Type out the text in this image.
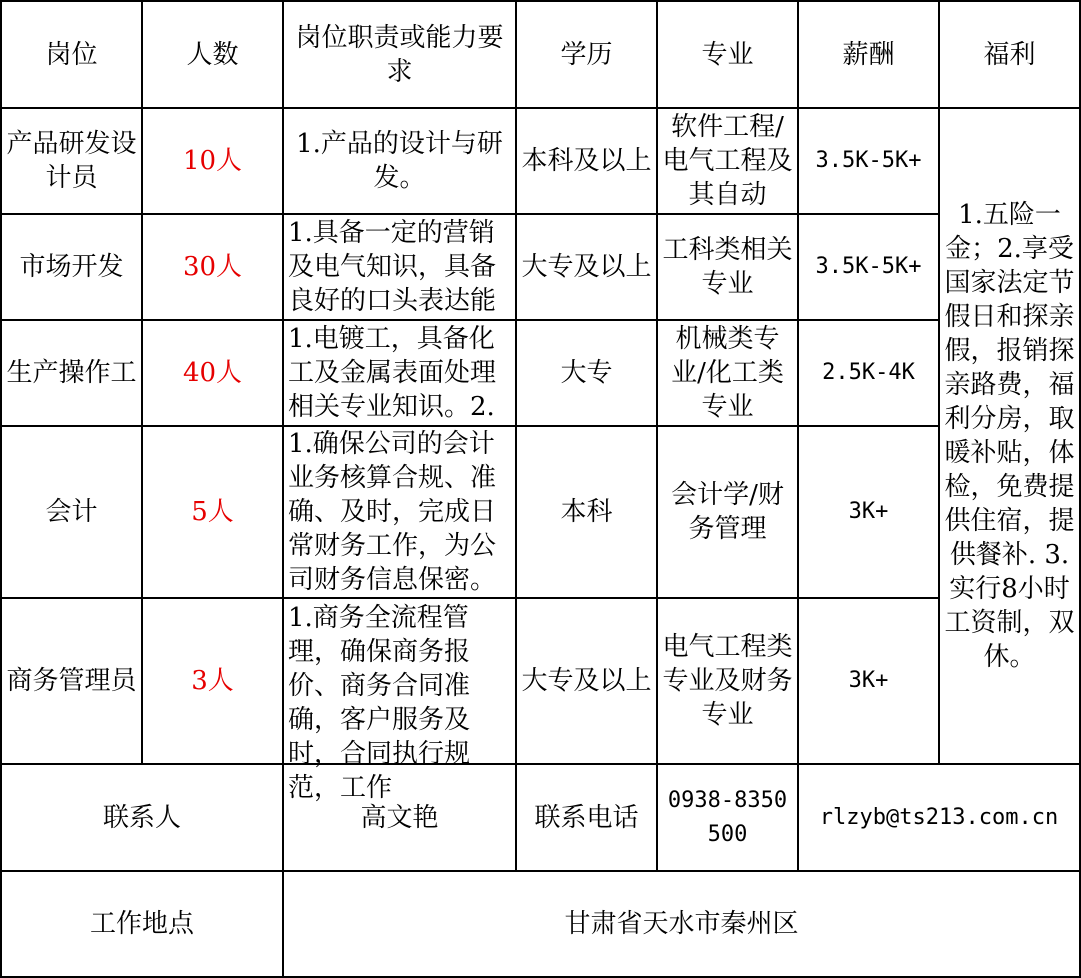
岗位	人数	岗位职责或能力要求	学历	专业	薪酬	福利
产品研发设计员	10人	1.产品的设计与研发。	本科及以上	软件工程/电气工程及其自动	3.5K-5K+	1.五险一金；2.享受国家法定节假日和探亲假，报销探亲路费，福利分房，取暖补贴，体检，免费提供住宿，提供餐补. 3.实行8小时工资制，双休。
市场开发	30人	1.具备一定的营销及电气知识，具备良好的口头表达能	大专及以上	工科类相关专业	3.5K-5K+	
生产操作工	40人	1.电镀工，具备化工及金属表面处理相关专业知识。2.	大专	机械类专业/化工类专业	2.5K-4K	
会计	5人	1.确保公司的会计业务核算合规、准确、及时，完成日常财务工作，为公司财务信息保密。	本科	会计学/财务管理	3K+	
商务管理员	3人	1.商务全流程管理，确保商务报价、商务合同准确，客户服务及时，合同执行规范，工作	大专及以上	电气工程类专业及财务专业	3K+	
联系人		高文艳	联系电话	0938-8350500	rlzyb@ts213.com.cn	
工作地点		甘肃省天水市秦州区				
